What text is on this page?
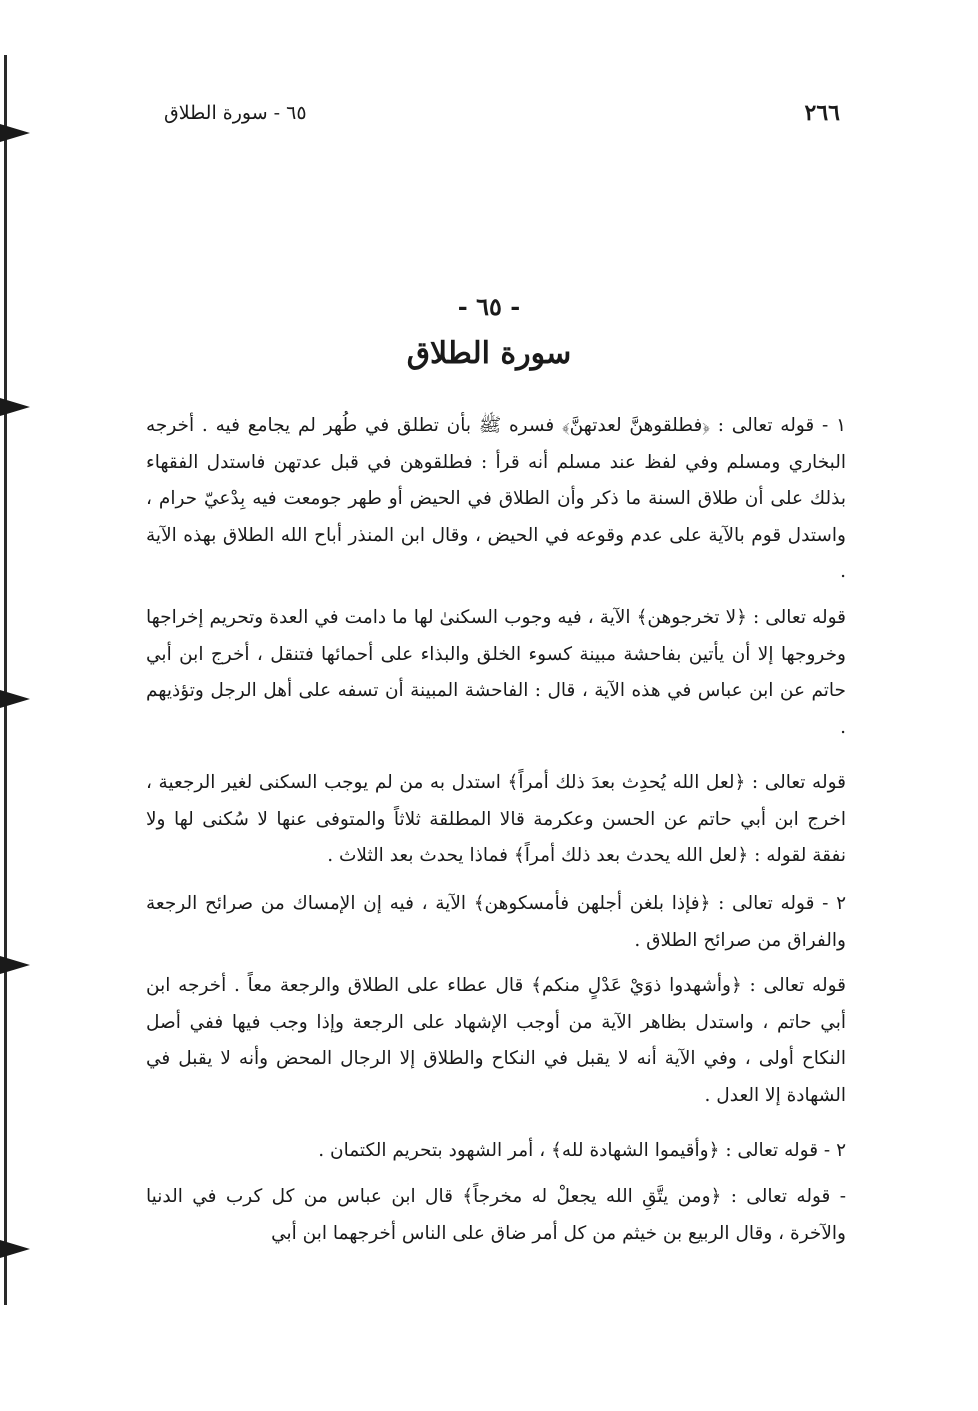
٢٦٦
٦٥ - سورة الطلاق
- ٦٥ -
سورة الطلاق

١ - قوله تعالى : ﴿فطلقوهنَّ لعدتهنَّ﴾ فسره ﷺ بأن تطلق في طُهر لم يجامع فيه . أخرجه البخاري ومسلم وفي لفظ عند مسلم أنه قرأ : فطلقوهن في قبل عدتهن فاستدل الفقهاء بذلك على أن طلاق السنة ما ذكر وأن الطلاق في الحيض أو طهر جومعت فيه بِدْعيّ حرام ، واستدل قوم بالآية على عدم وقوعه في الحيض ، وقال ابن المنذر أباح الله الطلاق بهذه الآية .

قوله تعالى : ﴿لا تخرجوهن﴾ الآية ، فيه وجوب السكنىٰ لها ما دامت في العدة وتحريم إخراجها وخروجها إلا أن يأتين بفاحشة مبينة كسوء الخلق والبذاء على أحمائها فتنقل ، أخرج ابن أبي حاتم عن ابن عباس في هذه الآية ، قال : الفاحشة المبينة أن تسفه على أهل الرجل وتؤذيهم .

قوله تعالى : ﴿لعل الله يُحدِث بعدَ ذلك أمراً﴾ استدل به من لم يوجب السكنى لغير الرجعية ، اخرج ابن أبي حاتم عن الحسن وعكرمة قالا المطلقة ثلاثاً والمتوفى عنها لا سُكنى لها ولا نفقة لقوله : ﴿لعل الله يحدث بعد ذلك أمراً﴾ فماذا يحدث بعد الثلاث .

٢ - قوله تعالى : ﴿فإذا بلغن أجلهن فأمسكوهن﴾ الآية ، فيه إن الإمساك من صرائح الرجعة والفراق من صرائح الطلاق .

قوله تعالى : ﴿وأشهدوا ذوَيْ عَدْلٍ منكم﴾ قال عطاء على الطلاق والرجعة معاً . أخرجه ابن أبي حاتم ، واستدل بظاهر الآية من أوجب الإشهاد على الرجعة وإذا وجب فيها ففي أصل النكاح أولى ، وفي الآية أنه لا يقبل في النكاح والطلاق إلا الرجال المحض وأنه لا يقبل في الشهادة إلا العدل .

٢ - قوله تعالى : ﴿وأقيموا الشهادة لله﴾ ، أمر الشهود بتحريم الكتمان .

- قوله تعالى : ﴿ومن يتَّقِ الله يجعلْ له مخرجاً﴾ قال ابن عباس من كل كرب في الدنيا والآخرة ، وقال الربيع بن خيثم من كل أمر ضاق على الناس أخرجهما ابن أبي
